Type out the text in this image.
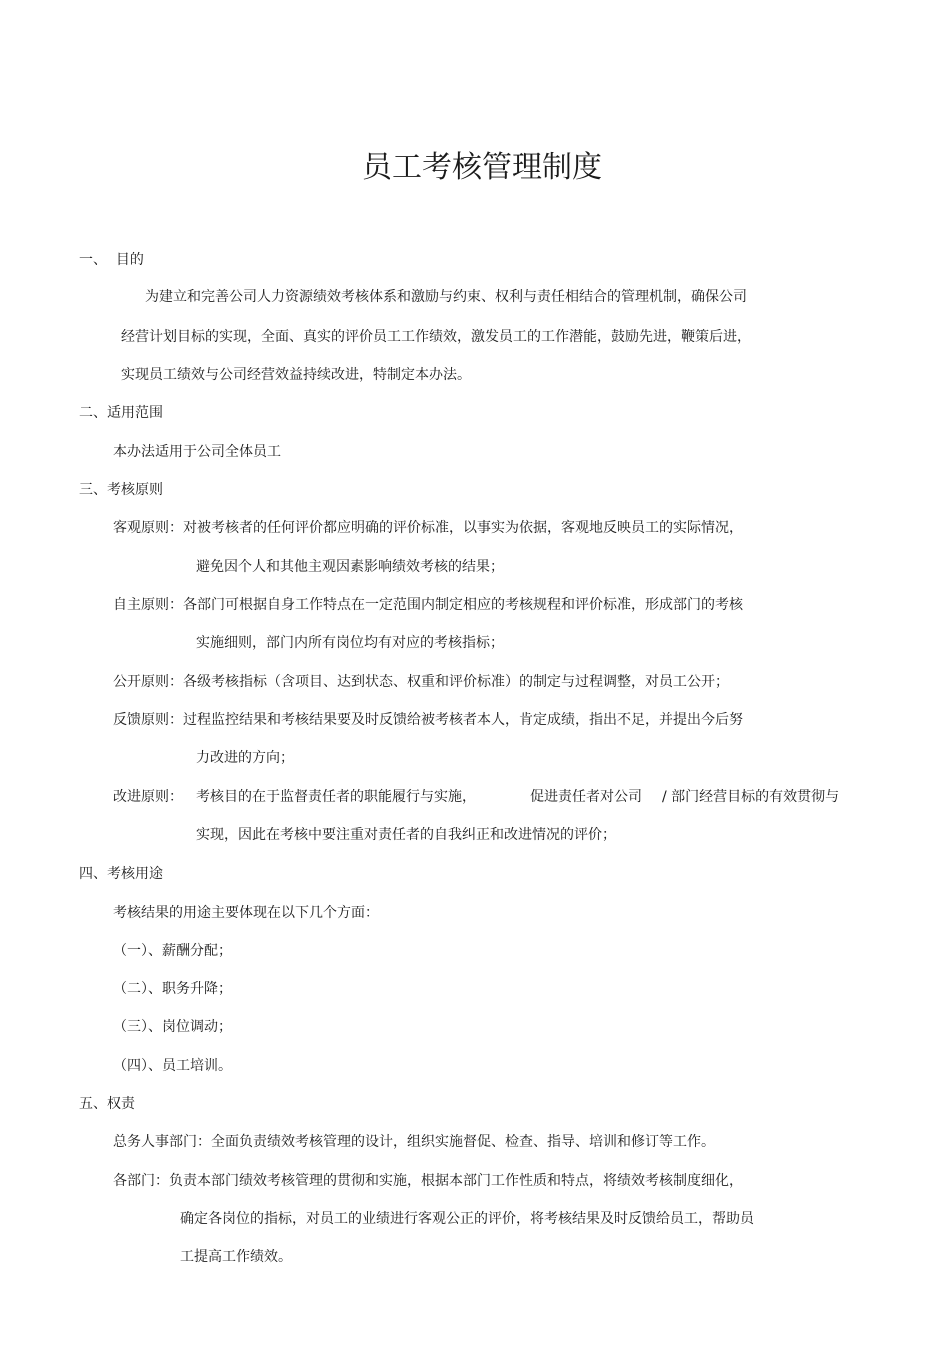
员工考核管理制度
一、  目的
为建立和完善公司人力资源绩效考核体系和激励与约束、权利与责任相结合的管理机制，确保公司
经营计划目标的实现，全面、真实的评价员工工作绩效，激发员工的工作潜能，鼓励先进，鞭策后进，
实现员工绩效与公司经营效益持续改进，特制定本办法。
二、适用范围
本办法适用于公司全体员工
三、考核原则
客观原则：对被考核者的任何评价都应明确的评价标准，以事实为依据，客观地反映员工的实际情况，
避免因个人和其他主观因素影响绩效考核的结果；
自主原则：各部门可根据自身工作特点在一定范围内制定相应的考核规程和评价标准，形成部门的考核
实施细则，部门内所有岗位均有对应的考核指标；
公开原则：各级考核指标（含项目、达到状态、权重和评价标准）的制定与过程调整，对员工公开；
反馈原则：过程监控结果和考核结果要及时反馈给被考核者本人，肯定成绩，指出不足，并提出今后努
力改进的方向；
改进原则： 考核目的在于监督责任者的职能履行与实施，	促进责任者对公司 / 部门经营目标的有效贯彻与
实现，因此在考核中要注重对责任者的自我纠正和改进情况的评价；
四、考核用途
考核结果的用途主要体现在以下几个方面：
（一）、薪酬分配；
（二）、职务升降；
（三）、岗位调动；
（四）、员工培训。
五、权责
总务人事部门：全面负责绩效考核管理的设计，组织实施督促、检查、指导、培训和修订等工作。
各部门：负责本部门绩效考核管理的贯彻和实施，根据本部门工作性质和特点，将绩效考核制度细化，
确定各岗位的指标，对员工的业绩进行客观公正的评价，将考核结果及时反馈给员工，帮助员
工提高工作绩效。
